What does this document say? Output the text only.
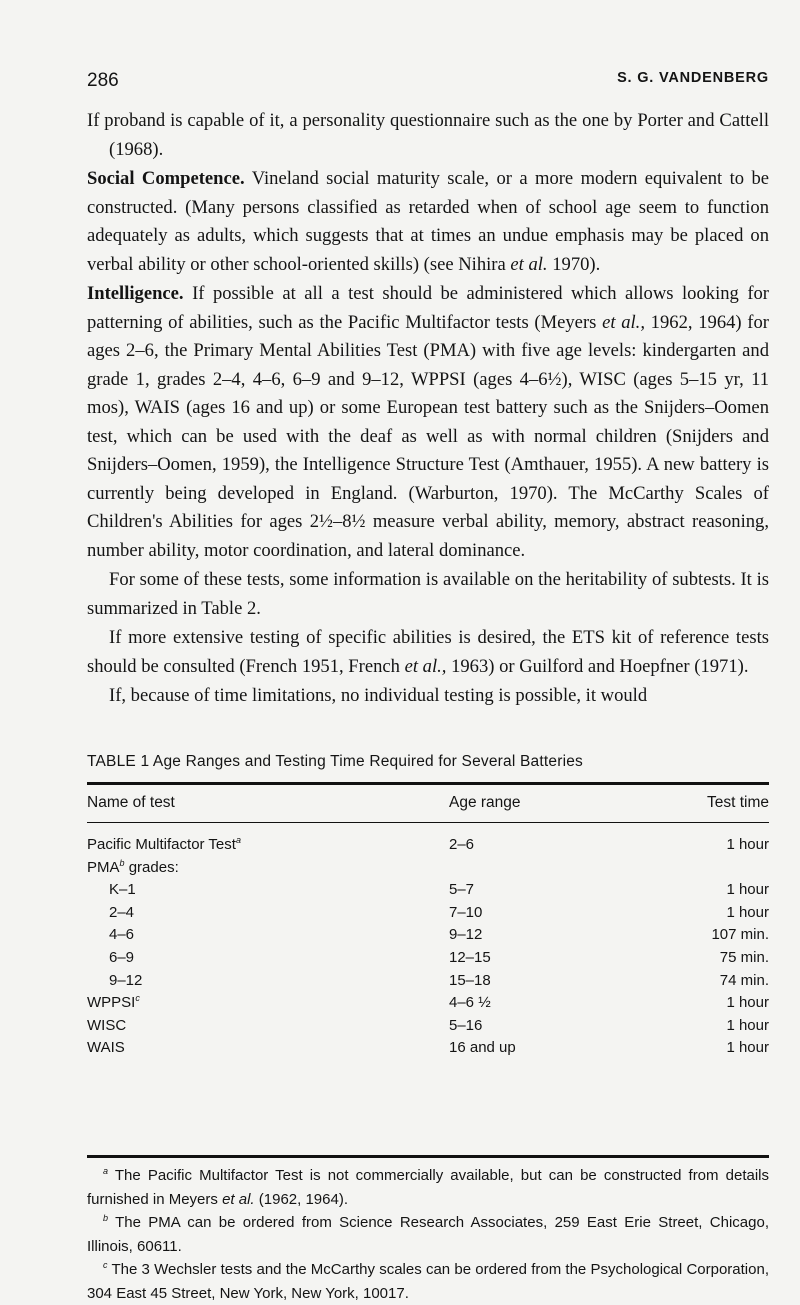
286	S. G. VANDENBERG

If proband is capable of it, a personality questionnaire such as the one by Porter and Cattell (1968).

Social Competence. Vineland social maturity scale, or a more modern equivalent to be constructed. (Many persons classified as retarded when of school age seem to function adequately as adults, which suggests that at times an undue emphasis may be placed on verbal ability or other school-oriented skills) (see Nihira et al. 1970).

Intelligence. If possible at all a test should be administered which allows looking for patterning of abilities, such as the Pacific Multifactor tests (Meyers et al., 1962, 1964) for ages 2–6, the Primary Mental Abilities Test (PMA) with five age levels: kindergarten and grade 1, grades 2–4, 4–6, 6–9 and 9–12, WPPSI (ages 4–6½), WISC (ages 5–15 yr, 11 mos), WAIS (ages 16 and up) or some European test battery such as the Snijders–Oomen test, which can be used with the deaf as well as with normal children (Snijders and Snijders–Oomen, 1959), the Intelligence Structure Test (Amthauer, 1955). A new battery is currently being developed in England. (Warburton, 1970). The McCarthy Scales of Children's Abilities for ages 2½–8½ measure verbal ability, memory, abstract reasoning, number ability, motor coordination, and lateral dominance.

For some of these tests, some information is available on the heritability of subtests. It is summarized in Table 2.

If more extensive testing of specific abilities is desired, the ETS kit of reference tests should be consulted (French 1951, French et al., 1963) or Guilford and Hoepfner (1971).

If, because of time limitations, no individual testing is possible, it would

TABLE 1 Age Ranges and Testing Time Required for Several Batteries
Name of test	Age range	Test time
Pacific Multifactor Test$^a$	2–6	1 hour
PMA$^b$ grades:
K–1	5–7	1 hour
2–4	7–10	1 hour
4–6	9–12	107 min.
6–9	12–15	75 min.
9–12	15–18	74 min.
WPPSI$^c$	4–6 ½	1 hour
WISC	5–16	1 hour
WAIS	16 and up	1 hour

$^a$ The Pacific Multifactor Test is not commercially available, but can be constructed from details furnished in Meyers et al. (1962, 1964).

$^b$ The PMA can be ordered from Science Research Associates, 259 East Erie Street, Chicago, Illinois, 60611.

$^c$ The 3 Wechsler tests and the McCarthy scales can be ordered from the Psychological Corporation, 304 East 45 Street, New York, New York, 10017.
